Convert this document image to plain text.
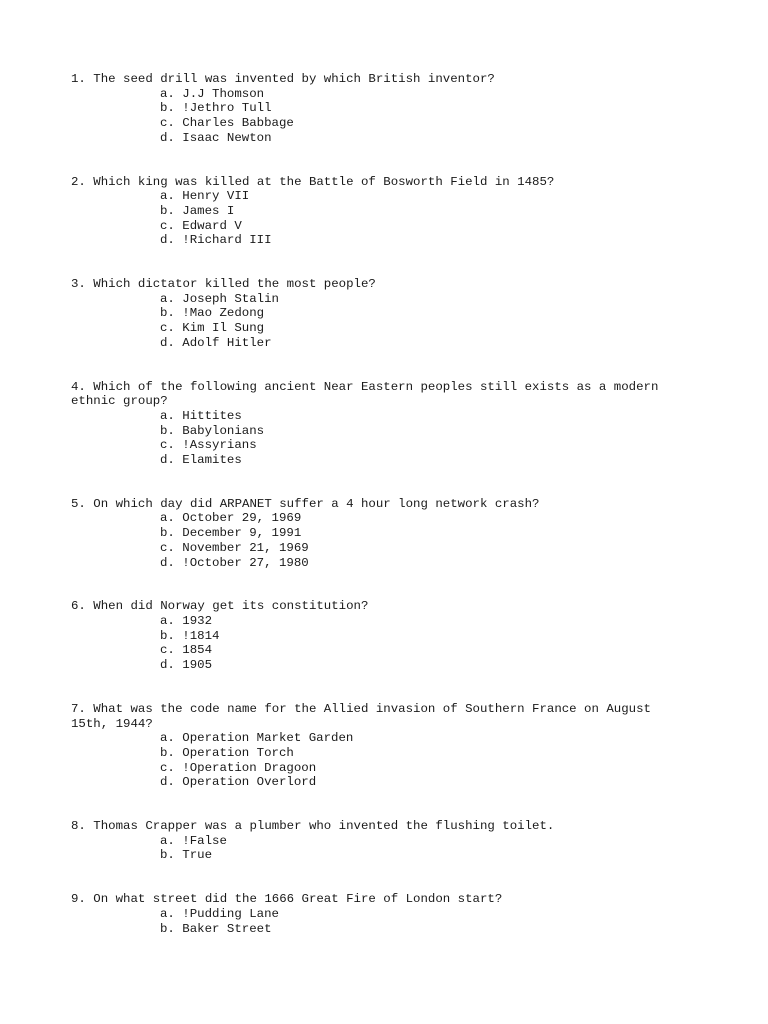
1. The seed drill was invented by which British inventor?

a. J.J Thomson
b. !Jethro Tull
c. Charles Babbage
d. Isaac Newton

2. Which king was killed at the Battle of Bosworth Field in 1485?

a. Henry VII
b. James I
c. Edward V
d. !Richard III

3. Which dictator killed the most people?

a. Joseph Stalin
b. !Mao Zedong
c. Kim Il Sung
d. Adolf Hitler

4. Which of the following ancient Near Eastern peoples still exists as a modern ethnic group?

a. Hittites
b. Babylonians
c. !Assyrians
d. Elamites

5. On which day did ARPANET suffer a 4 hour long network crash?

a. October 29, 1969
b. December 9, 1991
c. November 21, 1969
d. !October 27, 1980

6. When did Norway get its constitution?

a. 1932
b. !1814
c. 1854
d. 1905

7. What was the code name for the Allied invasion of Southern France on August 15th, 1944?

a. Operation Market Garden
b. Operation Torch
c. !Operation Dragoon
d. Operation Overlord

8. Thomas Crapper was a plumber who invented the flushing toilet.

a. !False
b. True

9. On what street did the 1666 Great Fire of London start?

a. !Pudding Lane
b. Baker Street
